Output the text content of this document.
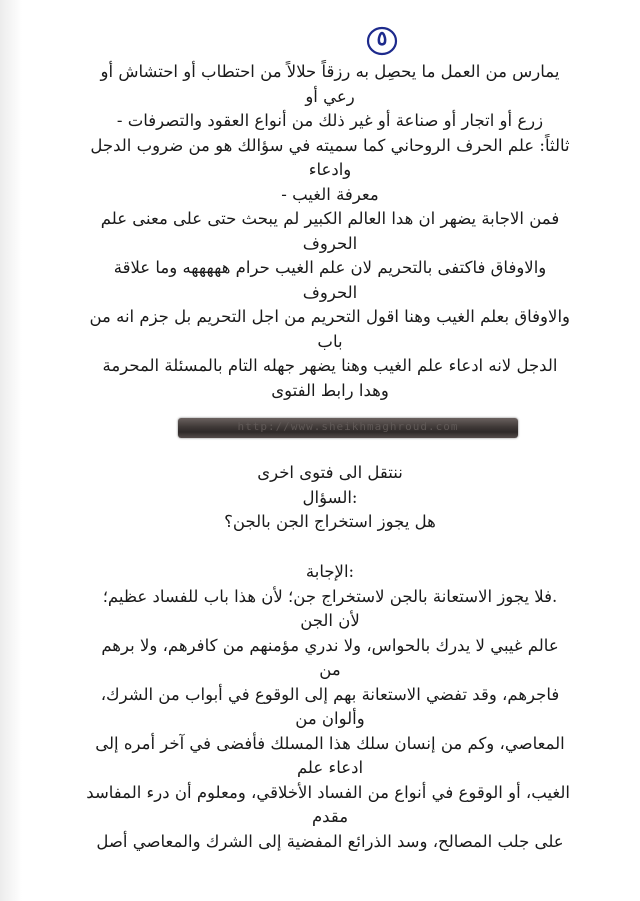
٥
يمارس من العمل ما يحصِل به رزقاً حلالاً من احتطاب أو احتشاش أو
رعي أو
زرع أو اتجار أو صناعة أو غير ذلك من أنواع العقود والتصرفات -
ثالثاً: علم الحرف الروحاني كما سميته في سؤالك هو من ضروب الدجل
وادعاء
معرفة الغيب -
فمن الاجابة يضهر ان هدا العالم الكبير لم يبحث حتى على معنى علم
الحروف
والاوفاق فاكتفى بالتحريم لان علم الغيب حرام هههههه وما علاقة
الحروف
والاوفاق بعلم الغيب وهنا اقول التحريم من اجل التحريم بل جزم انه من
باب
الدجل لانه ادعاء علم الغيب وهنا يضهر جهله التام بالمسئلة المحرمة
وهدا رابط الفتوى
http://www.sheikhmaghroud.com
ننتقل الى فتوى اخرى
:السؤال
هل يجوز استخراج الجن بالجن؟
:الإجابة
.فلا يجوز الاستعانة بالجن لاستخراج جن؛ لأن هذا باب للفساد عظيم؛
لأن الجن
عالم غيبي لا يدرك بالحواس، ولا ندري مؤمنهم من كافرهم، ولا برهم
من
فاجرهم، وقد تفضي الاستعانة بهم إلى الوقوع في أبواب من الشرك،
وألوان من
المعاصي، وكم من إنسان سلك هذا المسلك فأفضى في آخر أمره إلى
ادعاء علم
الغيب، أو الوقوع في أنواع من الفساد الأخلاقي، ومعلوم أن درء المفاسد
مقدم
على جلب المصالح، وسد الذرائع المفضية إلى الشرك والمعاصي أصل
